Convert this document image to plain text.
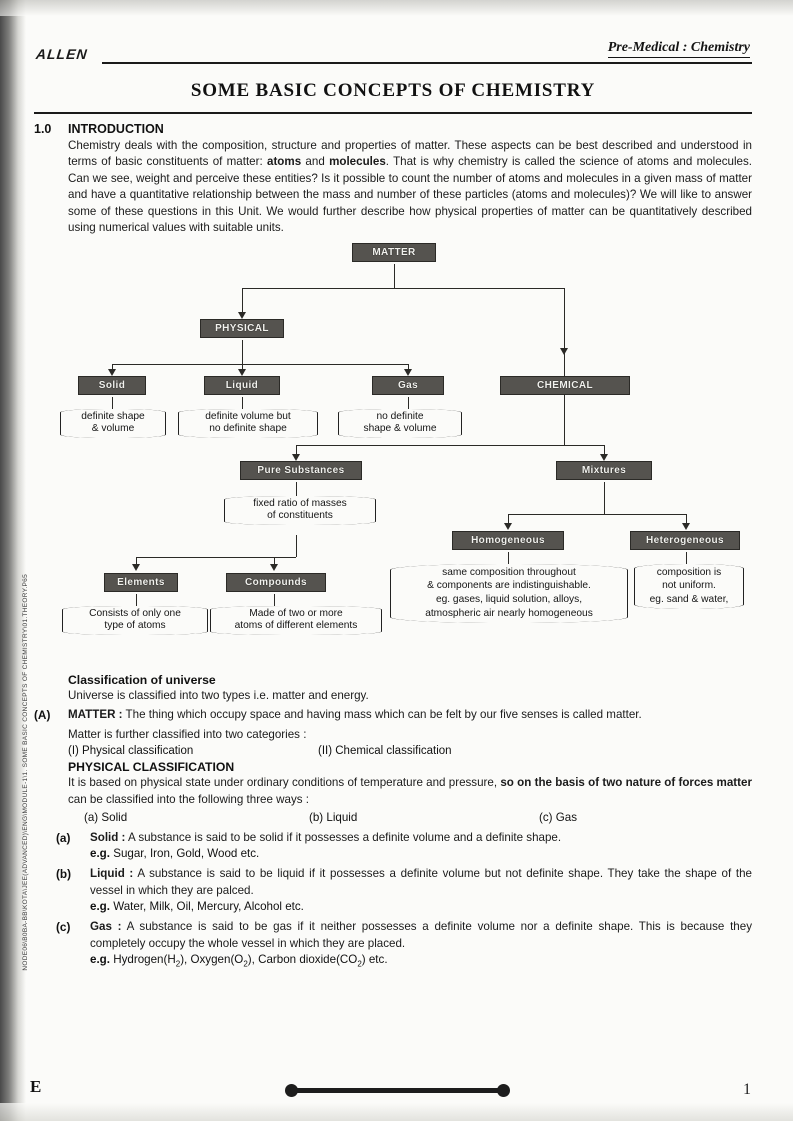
ALLEN	Pre-Medical : Chemistry
SOME BASIC CONCEPTS OF CHEMISTRY
1.0 INTRODUCTION
Chemistry deals with the composition, structure and properties of matter. These aspects can be best described and understood in terms of basic constituents of matter: atoms and molecules. That is why chemistry is called the science of atoms and molecules. Can we see, weight and perceive these entities? Is it possible to count the number of atoms and molecules in a given mass of matter and have a quantitative relationship between the mass and number of these particles (atoms and molecules)? We will like to answer some of these questions in this Unit. We would further describe how physical properties of matter can be quantitatively described using numerical values with suitable units.
MATTER
PHYSICAL
Solid	Liquid	Gas	CHEMICAL
definite shape
& volume
definite volume but
no definite shape
no definite
shape & volume
Pure Substances	Mixtures
fixed ratio of masses
of constituents
Elements	Compounds
Consists of only one
type of atoms
Made of two or more
atoms of different elements
Homogeneous	Heterogeneous
same composition throughout
& components are indistinguishable.
eg. gases, liquid solution, alloys,
atmospheric air nearly homogeneous
composition is
not uniform.
eg. sand & water,
Classification of universe
Universe is classified into two types i.e. matter and energy.
(A) MATTER : The thing which occupy space and having mass which can be felt by our five senses is called matter.
Matter is further classified into two categories :
(I) Physical classification	(II) Chemical classification
PHYSICAL CLASSIFICATION
It is based on physical state under ordinary conditions of temperature and pressure, so on the basis of two nature of forces matter can be classified into the following three ways :
(a) Solid	(b) Liquid	(c) Gas
(a) Solid : A substance is said to be solid if it possesses a definite volume and a definite shape.
e.g. Sugar, Iron, Gold, Wood etc.
(b) Liquid : A substance is said to be liquid if it possesses a definite volume but not definite shape. They take the shape of the vessel in which they are palced.
e.g. Water, Milk, Oil, Mercury, Alcohol etc.
(c) Gas : A substance is said to be gas if it neither possesses a definite volume nor a definite shape. This is because they completely occupy the whole vessel in which they are placed.
e.g. $Hydrogen(H_2)$, $Oxygen(O_2)$, Carbon $dioxide(CO_2)$ etc.
NODE06\B0BA-BB\KOTA\JEE(ADVANCED)\ENG\MODULE-1\1. SOME BASIC CONCEPTS OF CHEMISTRY\01.THEORY.P65
E	1
